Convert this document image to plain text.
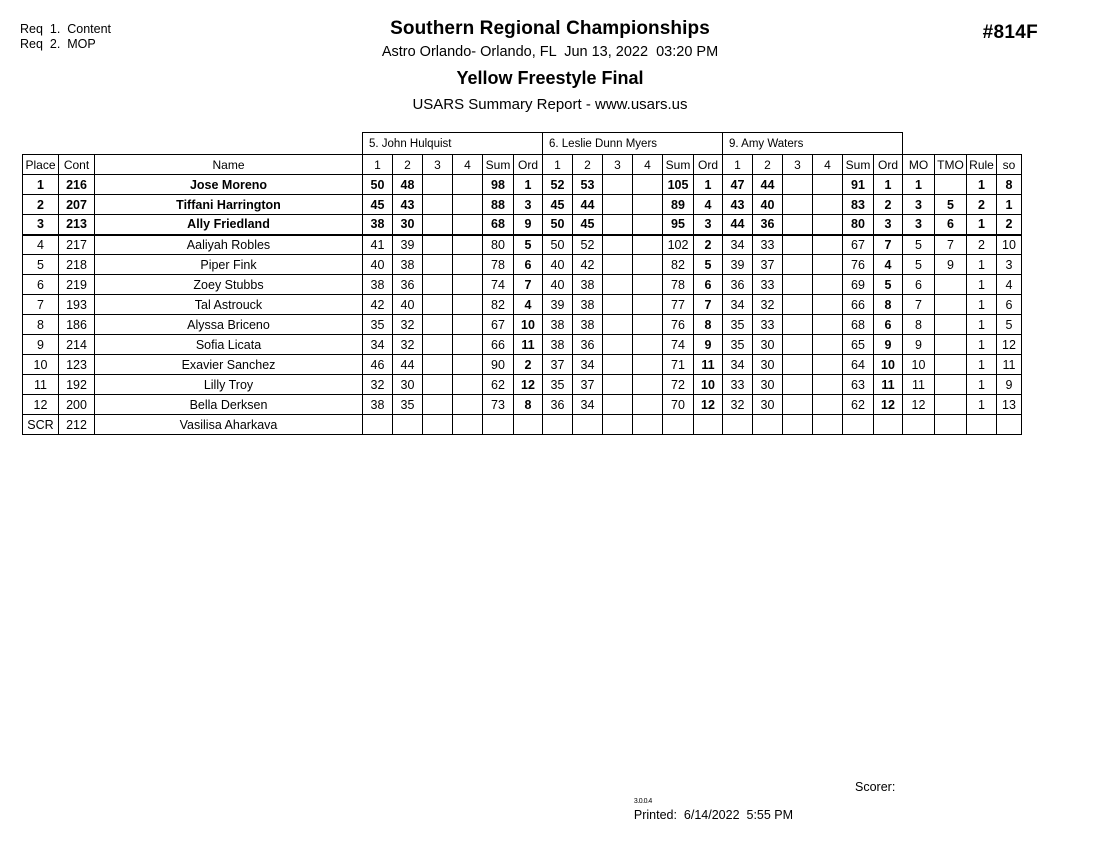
Req  1.  Content
Req  2.  MOP
#814F
Southern Regional Championships
Astro Orlando- Orlando, FL  Jun 13, 2022  03:20 PM
Yellow Freestyle Final
USARS Summary Report - www.usars.us
			5. John Hulquist						6. Leslie Dunn Myers						9. Amy Waters									
Place	Cont	Name	1	2	3	4	Sum	Ord	1	2	3	4	Sum	Ord	1	2	3	4	Sum	Ord	MO	TMO	Rule	so
1	216	Jose Moreno	50	48			98	1	52	53			105	1	47	44			91	1	1		1	8
2	207	Tiffani Harrington	45	43			88	3	45	44			89	4	43	40			83	2	3	5	2	1
3	213	Ally Friedland	38	30			68	9	50	45			95	3	44	36			80	3	3	6	1	2
4	217	Aaliyah Robles	41	39			80	5	50	52			102	2	34	33			67	7	5	7	2	10
5	218	Piper Fink	40	38			78	6	40	42			82	5	39	37			76	4	5	9	1	3
6	219	Zoey Stubbs	38	36			74	7	40	38			78	6	36	33			69	5	6		1	4
7	193	Tal Astrouck	42	40			82	4	39	38			77	7	34	32			66	8	7		1	6
8	186	Alyssa Briceno	35	32			67	10	38	38			76	8	35	33			68	6	8		1	5
9	214	Sofia Licata	34	32			66	11	38	36			74	9	35	30			65	9	9		1	12
10	123	Exavier Sanchez	46	44			90	2	37	34			71	11	34	30			64	10	10		1	11
11	192	Lilly Troy	32	30			62	12	35	37			72	10	33	30			63	11	11		1	9
12	200	Bella Derksen	38	35			73	8	36	34			70	12	32	30			62	12	12		1	13
SCR	212	Vasilisa Aharkava																						

3.0.0.4
Printed:  6/14/2022  5:55 PM

Scorer:
